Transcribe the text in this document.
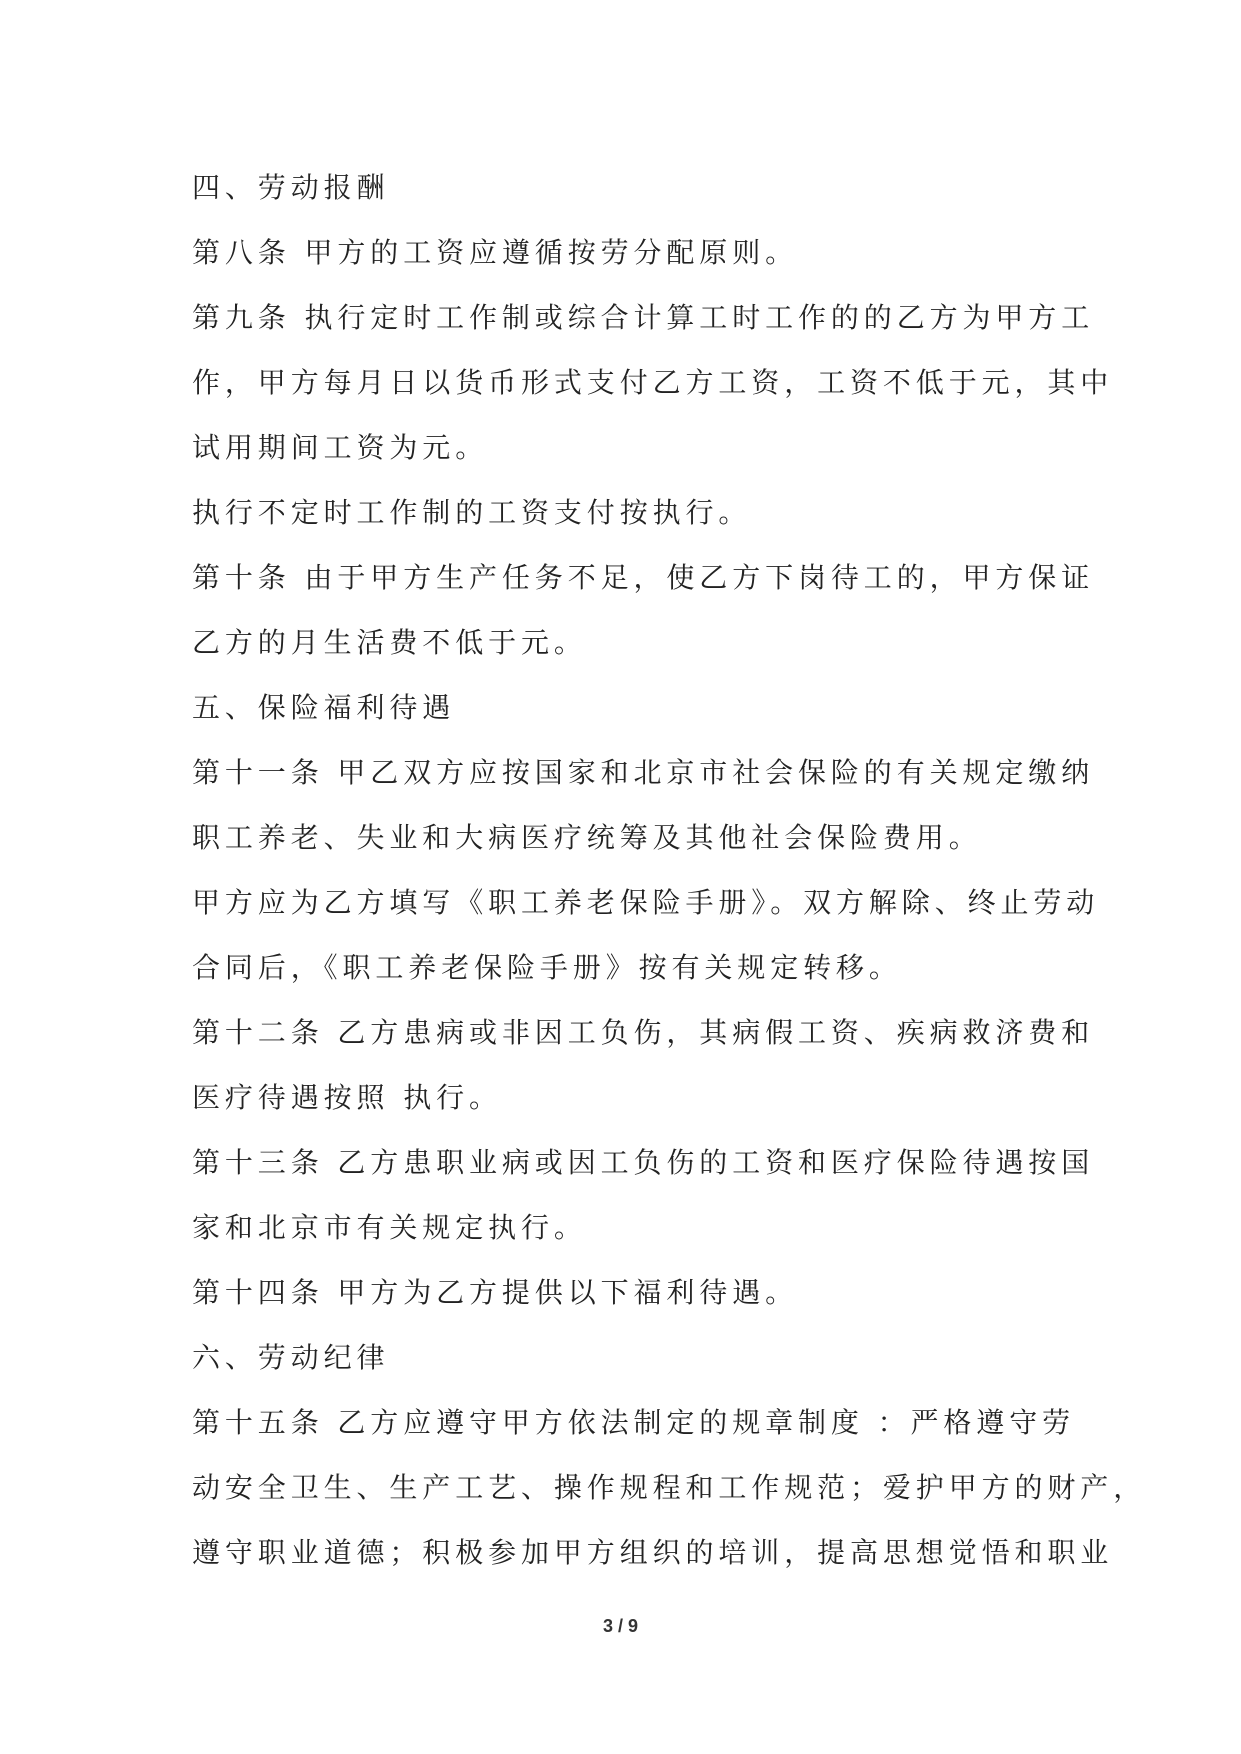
四、劳动报酬
第八条 甲方的工资应遵循按劳分配原则。
第九条 执行定时工作制或综合计算工时工作的的乙方为甲方工
作，甲方每月日以货币形式支付乙方工资，工资不低于元，其中
试用期间工资为元。
执行不定时工作制的工资支付按执行。
第十条 由于甲方生产任务不足，使乙方下岗待工的，甲方保证
乙方的月生活费不低于元。
五、保险福利待遇
第十一条 甲乙双方应按国家和北京市社会保险的有关规定缴纳
职工养老、失业和大病医疗统筹及其他社会保险费用。
甲方应为乙方填写《职工养老保险手册》。双方解除、终止劳动
合同后，《职工养老保险手册》按有关规定转移。
第十二条 乙方患病或非因工负伤，其病假工资、疾病救济费和
医疗待遇按照 执行。
第十三条 乙方患职业病或因工负伤的工资和医疗保险待遇按国
家和北京市有关规定执行。
第十四条 甲方为乙方提供以下福利待遇。
六、劳动纪律
第十五条 乙方应遵守甲方依法制定的规章制度 ：严格遵守劳
动安全卫生、生产工艺、操作规程和工作规范；爱护甲方的财产，
遵守职业道德；积极参加甲方组织的培训，提高思想觉悟和职业
3 / 9
